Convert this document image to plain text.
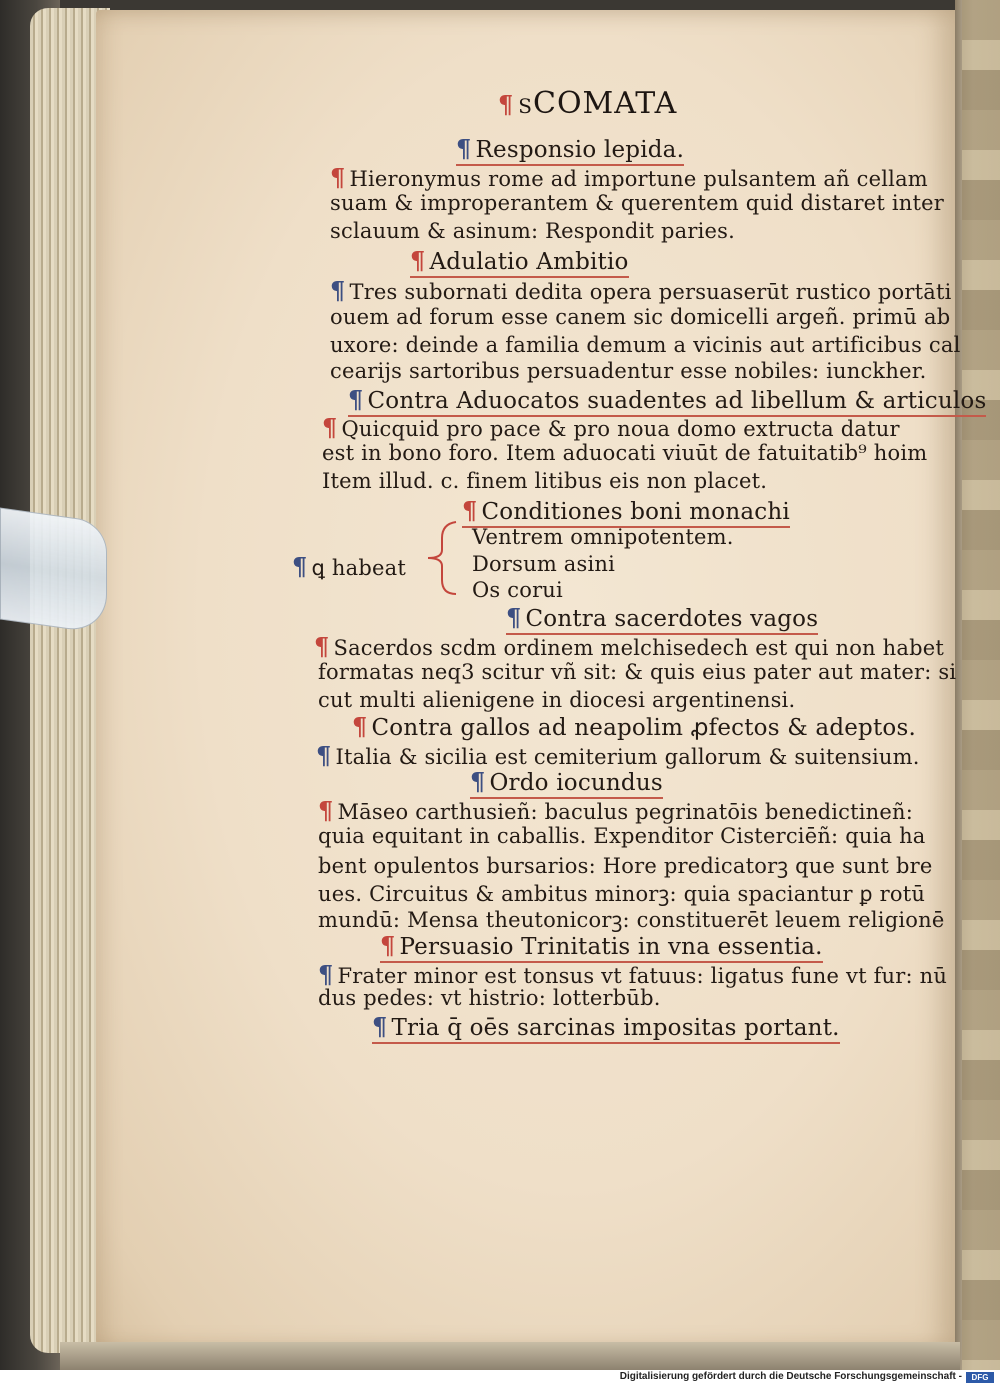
¶ SCOMATA
¶ Responsio lepida.
¶ Hieronymus rome ad importune pulsantem añ cellam
suam & improperantem & querentem quid distaret inter
sclauum & asinum: Respondit paries.
¶ Adulatio Ambitio
¶ Tres subornati dedita opera persuaserūt rustico portāti
ouem ad forum esse canem sic domicelli argeñ. primū ab
uxore: deinde a familia demum a vicinis aut artificibus cal
cearijs sartoribus persuadentur esse nobiles: iunckher.
¶ Contra Aduocatos suadentes ad libellum & articulos
¶ Quicquid pro pace & pro noua domo extructa datur
est in bono foro. Item aduocati viuūt de fatuitatib⁹ hoim
Item illud. c. finem litibus eis non placet.
¶ Conditiones boni monachi
Ventrem omnipotentem.
¶ ꝗ habeat	Dorsum asini
Os corui
¶ Contra sacerdotes vagos
¶ Sacerdos scdm ordinem melchisedech est qui non habet
formatas neq3 scitur vñ sit: & quis eius pater aut mater: si
cut multi alienigene in diocesi argentinensi.
¶ Contra gallos ad neapolim ꝓfectos & adeptos.
¶ Italia & sicilia est cemiterium gallorum & suitensium.
¶ Ordo iocundus
¶ Māseo carthusieñ: baculus pegrinatōis benedictineñ:
quia equitant in caballis. Expenditor Cisterciēñ: quia ha
bent opulentos bursarios: Hore predicatorꝫ que sunt bre
ues. Circuitus & ambitus minorꝫ: quia spaciantur ꝑ rotū
mundū: Mensa theutonicorꝫ: constituerēt leuem religionē
¶ Persuasio Trinitatis in vna essentia.
¶ Frater minor est tonsus vt fatuus: ligatus fune vt fur: nū
dus pedes: vt histrio: lotterbūb.
¶ Tria q̄ oēs sarcinas impositas portant.
Digitalisierung gefördert durch die Deutsche Forschungsgemeinschaft -	DFG
